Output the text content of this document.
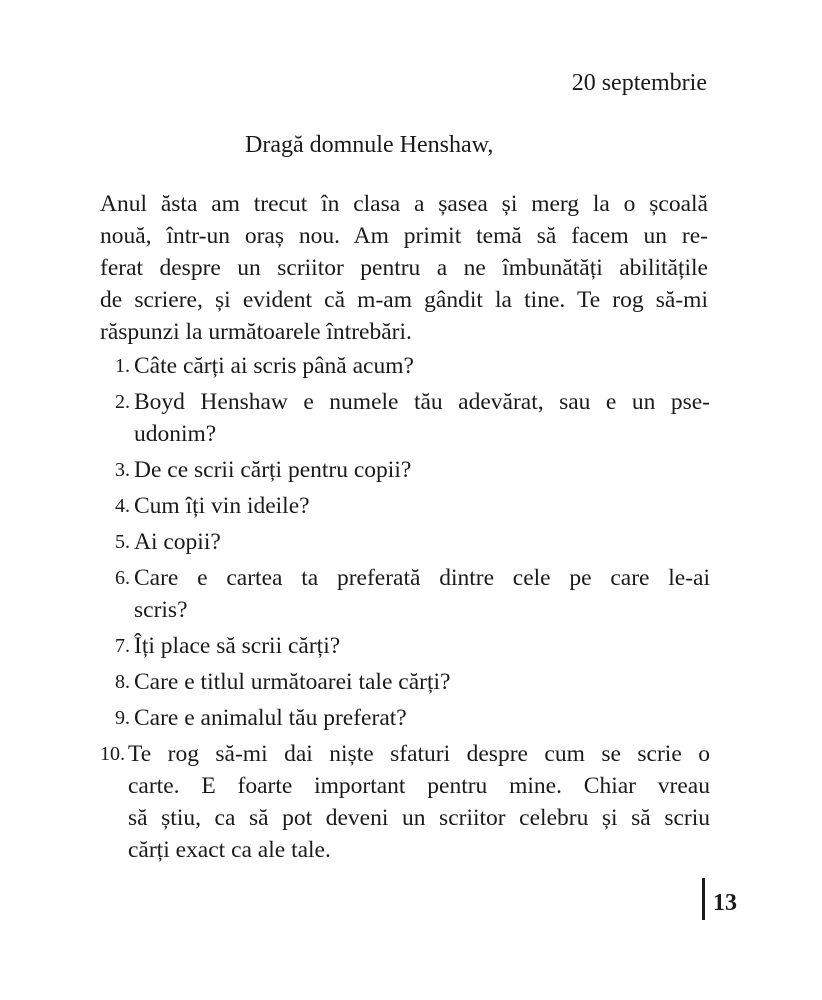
20 septembrie
Dragă domnule Henshaw,
Anul ăsta am trecut în clasa a șasea și merg la o școală
nouă, într-un oraș nou. Am primit temă să facem un re-
ferat despre un scriitor pentru a ne îmbunătăți abilitățile
de scriere, și evident că m-am gândit la tine. Te rog să-mi
răspunzi la următoarele întrebări.
1. Câte cărți ai scris până acum?
2. Boyd Henshaw e numele tău adevărat, sau e un pse-
udonim?
3. De ce scrii cărți pentru copii?
4. Cum îți vin ideile?
5. Ai copii?
6. Care e cartea ta preferată dintre cele pe care le-ai
scris?
7. Îți place să scrii cărți?
8. Care e titlul următoarei tale cărți?
9. Care e animalul tău preferat?
10. Te rog să-mi dai niște sfaturi despre cum se scrie o
carte. E foarte important pentru mine. Chiar vreau
să știu, ca să pot deveni un scriitor celebru și să scriu
cărți exact ca ale tale.
13
